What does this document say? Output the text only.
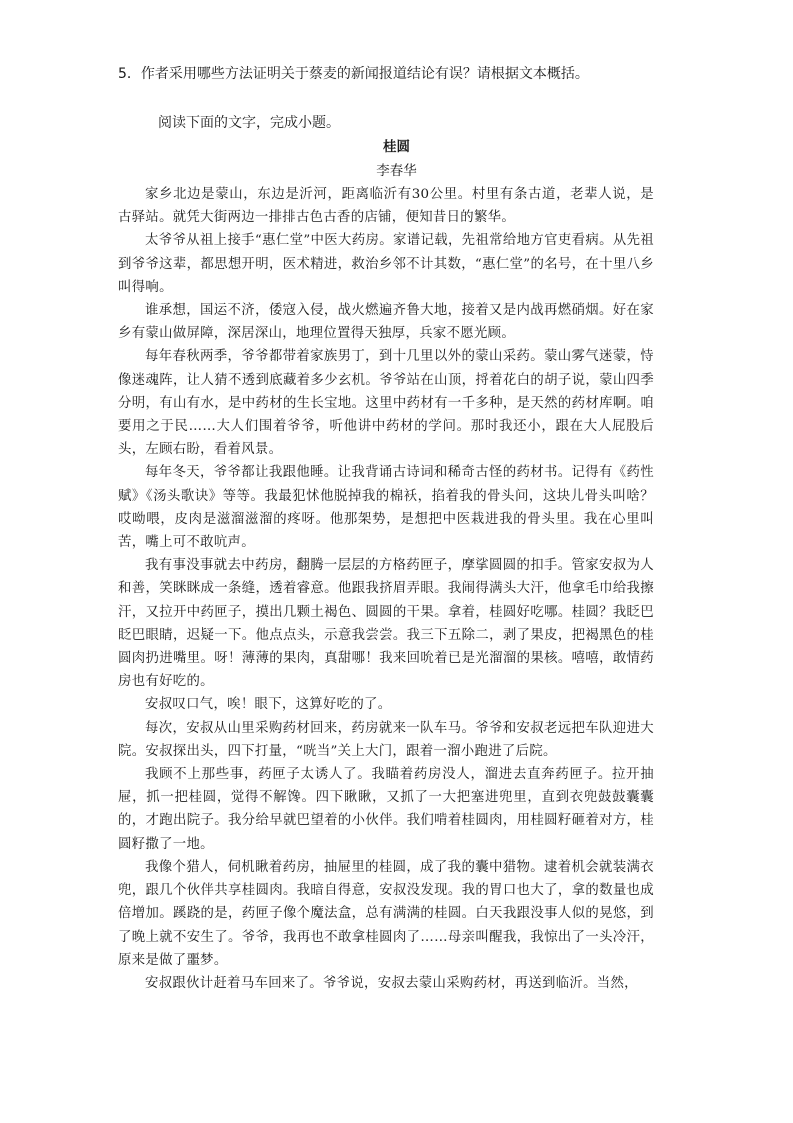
5．作者采用哪些方法证明关于蔡麦的新闻报道结论有误？请根据文本概括。
阅读下面的文字，完成小题。
桂圆
李春华

家乡北边是蒙山，东边是沂河，距离临沂有30公里。村里有条古道，老辈人说，是古驿站。就凭大街两边一排排古色古香的店铺，便知昔日的繁华。

太爷爷从祖上接手“惠仁堂”中医大药房。家谱记载，先祖常给地方官吏看病。从先祖到爷爷这辈，都思想开明，医术精进，救治乡邻不计其数，“惠仁堂”的名号，在十里八乡叫得响。

谁承想，国运不济，倭寇入侵，战火燃遍齐鲁大地，接着又是内战再燃硝烟。好在家乡有蒙山做屏障，深居深山，地理位置得天独厚，兵家不愿光顾。

每年春秋两季，爷爷都带着家族男丁，到十几里以外的蒙山采药。蒙山雾气迷蒙，恃像迷魂阵，让人猜不透到底藏着多少玄机。爷爷站在山顶，捋着花白的胡子说，蒙山四季分明，有山有水，是中药材的生长宝地。这里中药材有一千多种，是天然的药材库啊。咱要用之于民……大人们围着爷爷，听他讲中药材的学问。那时我还小，跟在大人屁股后头，左顾右盼，看着风景。

每年冬天，爷爷都让我跟他睡。让我背诵古诗词和稀奇古怪的药材书。记得有《药性赋》《汤头歌诀》等等。我最犯怵他脱掉我的棉袄，掐着我的骨头问，这块儿骨头叫啥？哎呦喂，皮肉是滋溜滋溜的疼呀。他那架势，是想把中医栽进我的骨头里。我在心里叫苦，嘴上可不敢吭声。

我有事没事就去中药房，翻腾一层层的方格药匣子，摩挲圆圆的扣手。管家安叔为人和善，笑眯眯成一条缝，透着睿意。他跟我挤眉弄眼。我闹得满头大汗，他拿毛巾给我擦汗，又拉开中药匣子，摸出几颗土褐色、圆圆的干果。拿着，桂圆好吃哪。桂圆？我眨巴眨巴眼睛，迟疑一下。他点点头，示意我尝尝。我三下五除二，剥了果皮，把褐黑色的桂圆肉扔进嘴里。呀！薄薄的果肉，真甜哪！我来回吮着已是光溜溜的果核。嘻嘻，敢情药房也有好吃的。

安叔叹口气，唉！眼下，这算好吃的了。

每次，安叔从山里采购药材回来，药房就来一队车马。爷爷和安叔老远把车队迎进大院。安叔探出头，四下打量，“咣当”关上大门，跟着一溜小跑进了后院。

我顾不上那些事，药匣子太诱人了。我瞄着药房没人，溜进去直奔药匣子。拉开抽屉，抓一把桂圆，觉得不解馋。四下瞅瞅，又抓了一大把塞进兜里，直到衣兜鼓鼓囊囊的，才跑出院子。我分给早就巴望着的小伙伴。我们啃着桂圆肉，用桂圆籽砸着对方，桂圆籽撒了一地。

我像个猎人，伺机瞅着药房，抽屉里的桂圆，成了我的囊中猎物。逮着机会就装满衣兜，跟几个伙伴共享桂圆肉。我暗自得意，安叔没发现。我的胃口也大了，拿的数量也成倍增加。蹊跷的是，药匣子像个魔法盒，总有满满的桂圆。白天我跟没事人似的晃悠，到了晚上就不安生了。爷爷，我再也不敢拿桂圆肉了……母亲叫醒我，我惊出了一头冷汗，原来是做了噩梦。

安叔跟伙计赶着马车回来了。爷爷说，安叔去蒙山采购药材，再送到临沂。当然，
